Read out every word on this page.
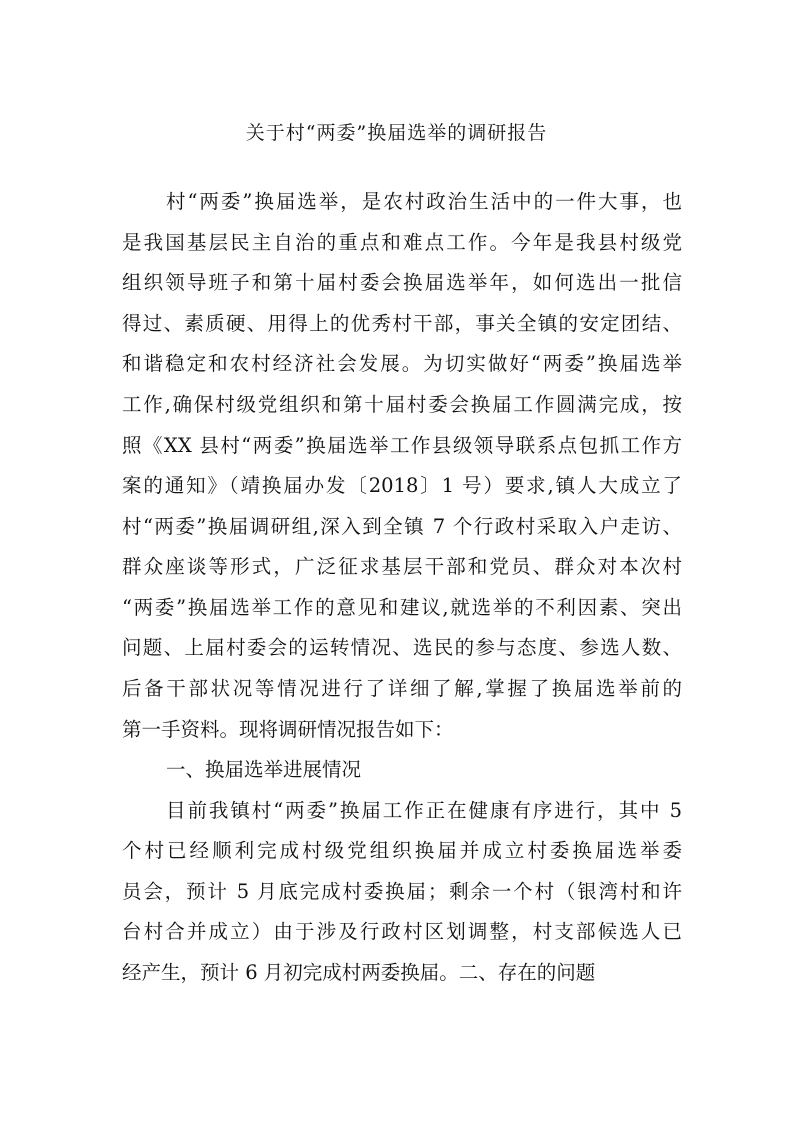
关于村“两委”换届选举的调研报告
村“两委”换届选举，是农村政治生活中的一件大事，也
是我国基层民主自治的重点和难点工作。今年是我县村级党
组织领导班子和第十届村委会换届选举年，如何选出一批信
得过、素质硬、用得上的优秀村干部，事关全镇的安定团结、
和谐稳定和农村经济社会发展。为切实做好“两委”换届选举
工作,确保村级党组织和第十届村委会换届工作圆满完成，按
照《XX 县村“两委”换届选举工作县级领导联系点包抓工作方
案的通知》（靖换届办发〔2018〕1 号）要求,镇人大成立了
村“两委”换届调研组,深入到全镇 7 个行政村采取入户走访、
群众座谈等形式，广泛征求基层干部和党员、群众对本次村
“两委”换届选举工作的意见和建议,就选举的不利因素、突出
问题、上届村委会的运转情况、选民的参与态度、参选人数、
后备干部状况等情况进行了详细了解,掌握了换届选举前的
第一手资料。现将调研情况报告如下：
一、换届选举进展情况
目前我镇村“两委”换届工作正在健康有序进行，其中 5
个村已经顺利完成村级党组织换届并成立村委换届选举委
员会，预计 5 月底完成村委换届；剩余一个村（银湾村和许
台村合并成立）由于涉及行政村区划调整，村支部候选人已
经产生，预计 6 月初完成村两委换届。二、存在的问题
